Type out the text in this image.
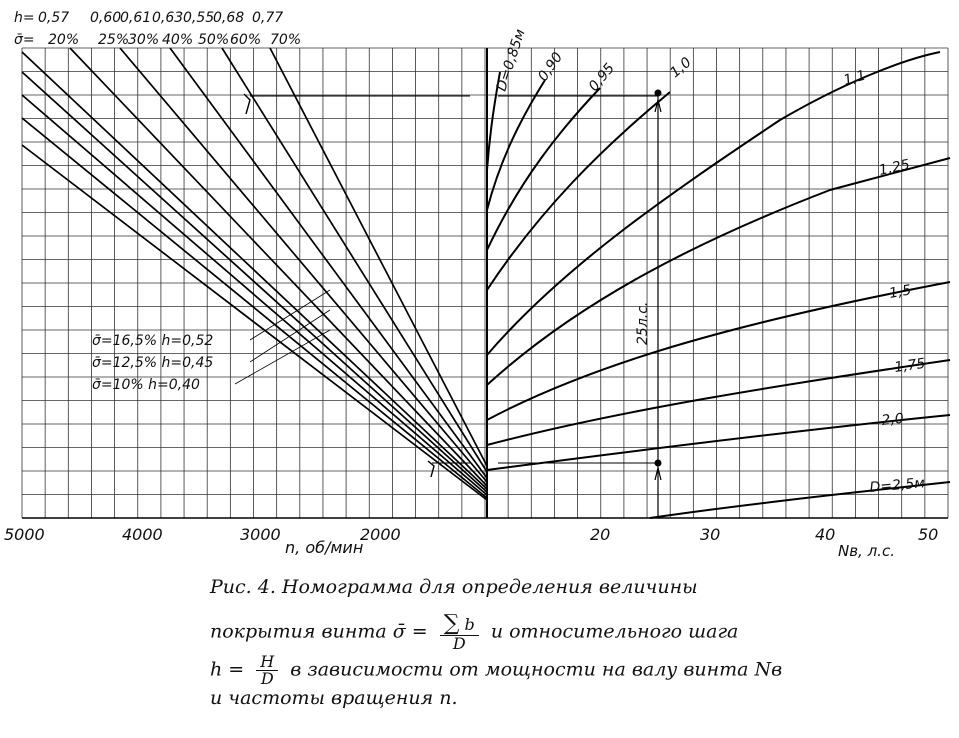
h= 0,57 0,60
0,61 0,63 0,55
0,68 0,77
σ̄= 20% 25%
30% 40% 50% 60% 70%
σ̄=16,5% h=0,52
σ̄=12,5% h=0,45
σ̄=10% h=0,40
5000	4000	3000	2000
n, об/мин
20	30	40	50
Nв, л.с.
25л.с.
D=0,85м 0,90 0,95	1,0	1,1
1,25
1,5
1,75
2,0
D=2,5м
Рис. 4. Номограмма для определения величины
покрытия винта σ̄ = $\frac{\sum b}{D}$ и относительного шага
$h = \frac{H}{D}$ в зависимости от мощности на валу винта Nв
и частоты вращения n.
